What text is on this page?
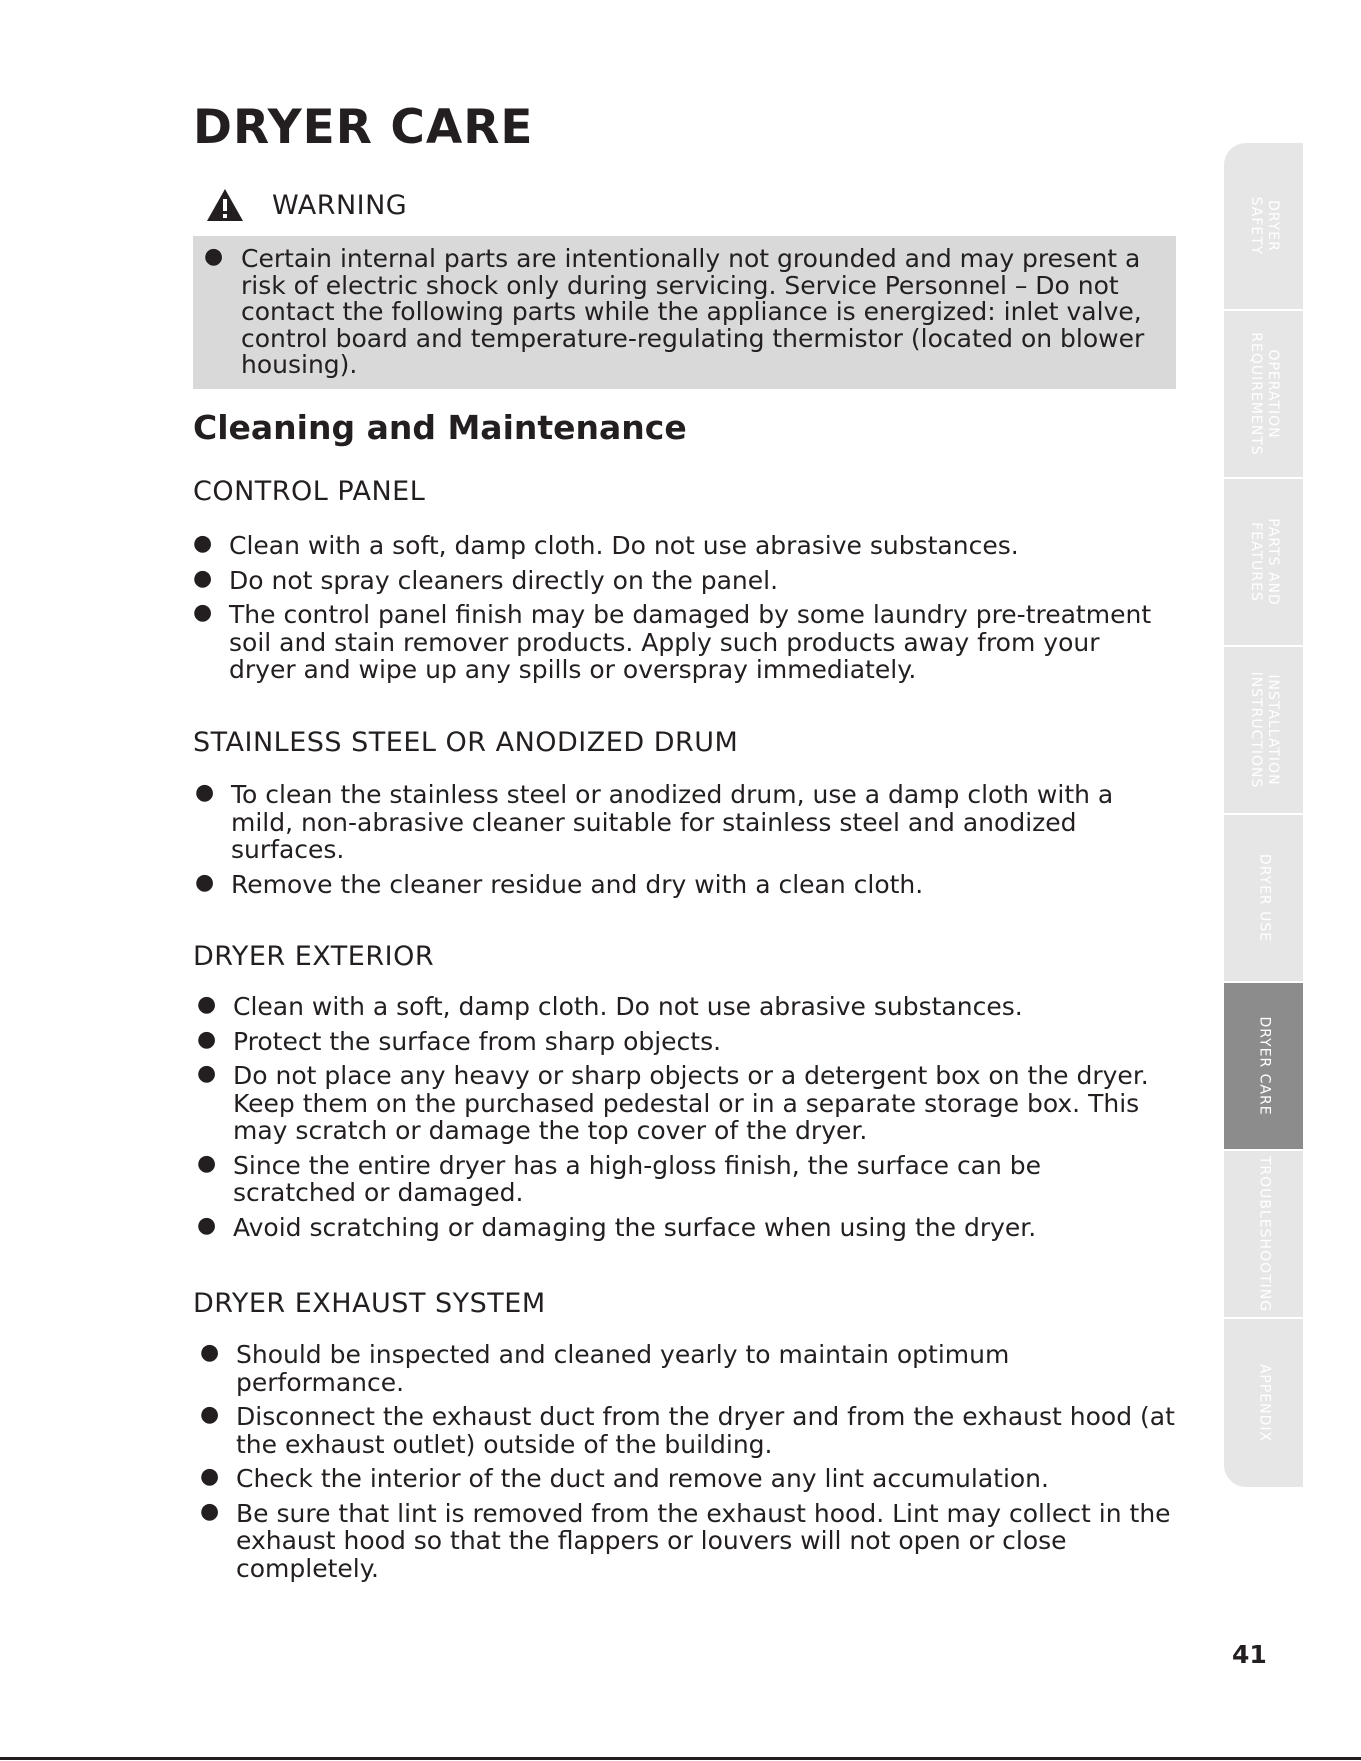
DRYER CARE
WARNING
● Certain internal parts are intentionally not grounded and may present a risk of electric shock only during servicing. Service Personnel – Do not contact the following parts while the appliance is energized: inlet valve, control board and temperature-regulating thermistor (located on blower housing).
Cleaning and Maintenance
CONTROL PANEL
● Clean with a soft, damp cloth. Do not use abrasive substances.
● Do not spray cleaners directly on the panel.
● The control panel finish may be damaged by some laundry pre-treatment soil and stain remover products. Apply such products away from your dryer and wipe up any spills or overspray immediately.
STAINLESS STEEL OR ANODIZED DRUM
● To clean the stainless steel or anodized drum, use a damp cloth with a mild, non-abrasive cleaner suitable for stainless steel and anodized surfaces.
● Remove the cleaner residue and dry with a clean cloth.
DRYER EXTERIOR
● Clean with a soft, damp cloth. Do not use abrasive substances.
● Protect the surface from sharp objects.
● Do not place any heavy or sharp objects or a detergent box on the dryer. Keep them on the purchased pedestal or in a separate storage box. This may scratch or damage the top cover of the dryer.
● Since the entire dryer has a high-gloss finish, the surface can be scratched or damaged.
● Avoid scratching or damaging the surface when using the dryer.
DRYER EXHAUST SYSTEM
● Should be inspected and cleaned yearly to maintain optimum performance.
● Disconnect the exhaust duct from the dryer and from the exhaust hood (at the exhaust outlet) outside of the building.
● Check the interior of the duct and remove any lint accumulation.
● Be sure that lint is removed from the exhaust hood. Lint may collect in the exhaust hood so that the flappers or louvers will not open or close completely.
DRYER
SAFETY
OPERATION
REQUIREMENTS
PARTS AND
FEATURES
INSTALLATION
INSTRUCTIONS
DRYER USE
DRYER CARE
TROUBLESHOOTING
APPENDIX
41
